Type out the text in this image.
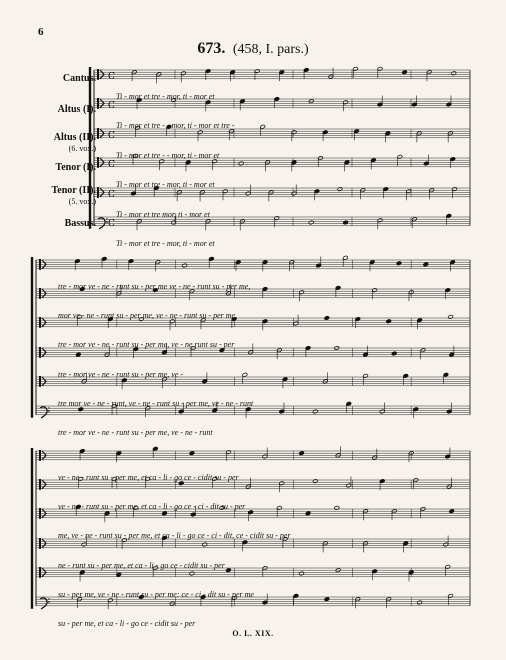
6
673. (458, I. pars.)
Cantus.
Altus (I).
Altus (II).
(6. vox.)
Tenor (I).
Tenor (II).
(5. vox.)
Bassus.
С
С
С
С
С
С
Ti - mor et tre - mor, ti - mor et
Ti - mor et tre - - mor, ti - mor et tre -
Ti - mor et tre - - mor, ti - mor et
Ti - mor et tre - mor, ti - mor et
Ti - mor et tre mor, ti - mor et
Ti - mor et tre - mor, ti - mor et
tre - mor ve - ne - runt su - per me ve - ne - runt su - per me,
mor ve - ne - runt su - per me, ve - ne - runt su - per me,
tre - mor ve - ne - runt su - per me, ve - ne runt su - per
tre - mor ve - ne - runt su - per me, ve -
tre mor ve - ne - runt, ve - ne - runt su - per me, ve - ne - runt
tre - mor ve - ne - runt su - per me, ve - ne - runt
ve - ne - runt su - per me, et ca - li - go ce - cidit su - per
ve - ne - runt su - per me, et ca - li - go ce - ci - dit su - per
me, ve - ne - runt su - per me, et ca - li - go ce - ci - dit, ce - cidit su - per
ne - runt su - per me, et ca - li - go ce - cidit su - per
su - per me, ve - ne - runt su - per me: ce - ci - dit su - per me
su - per me, et ca - li - go ce - cidit su - per
O. L. XIX.
